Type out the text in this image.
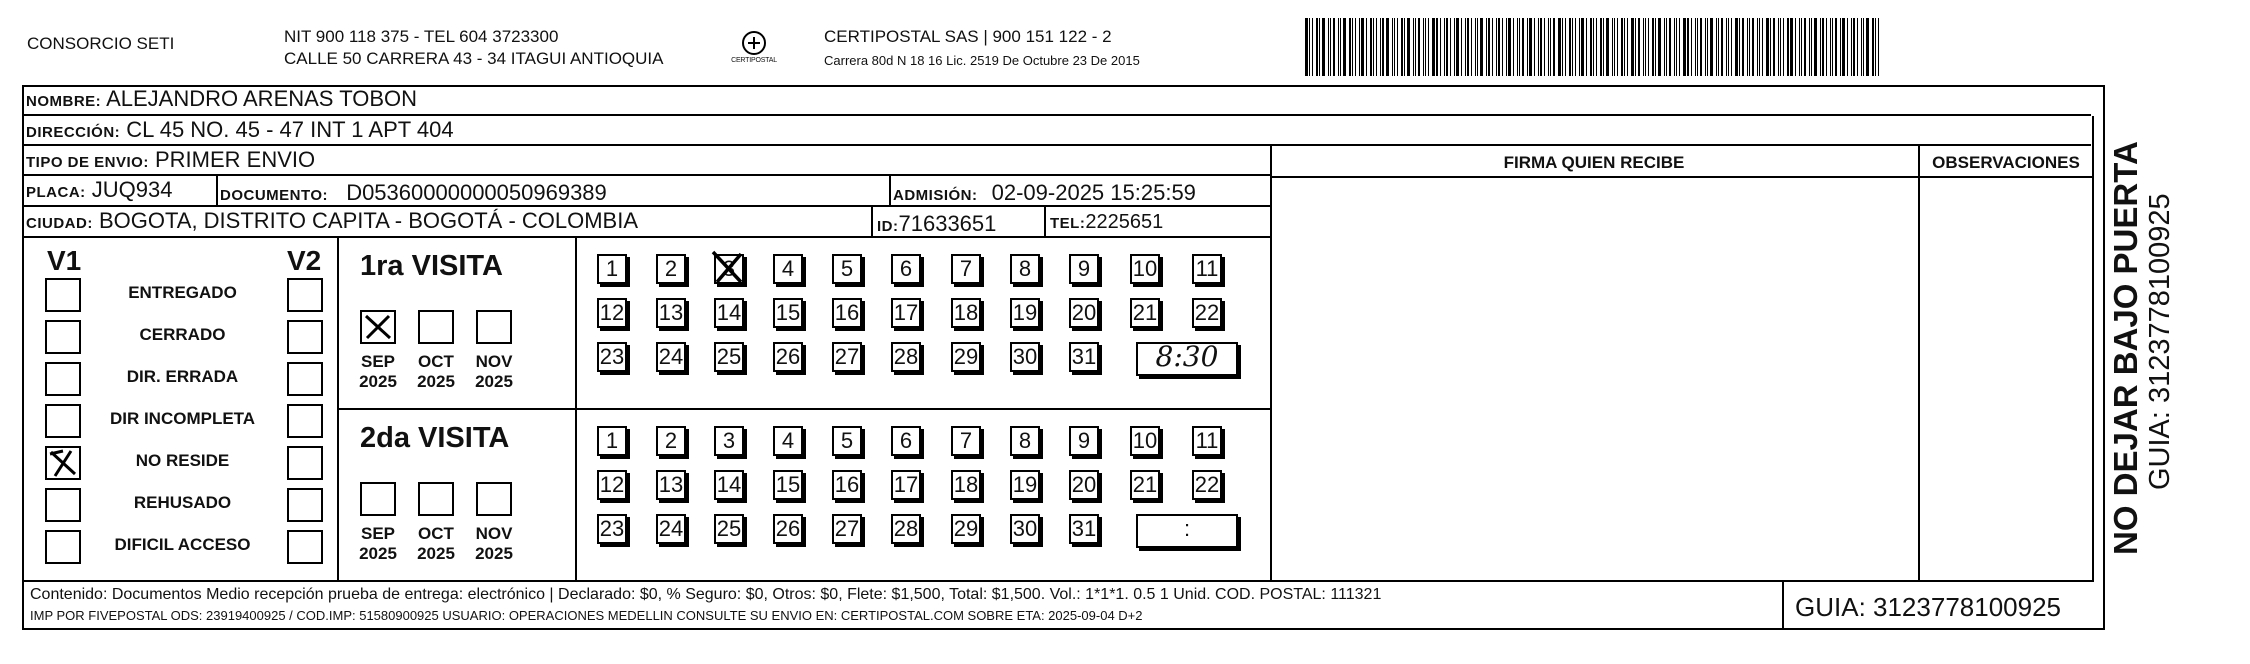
CONSORCIO SETI	NIT 900 118 375 - TEL 604 3723300
CALLE 50 CARRERA 43 - 34 ITAGUI ANTIOQUIA	CERTIPOSTAL
CERTIPOSTAL SAS | 900 151 122 - 2
Carrera 80d N 18 16 Lic. 2519 De Octubre 23 De 2015
NOMBRE: ALEJANDRO ARENAS TOBON
DIRECCIÓN: CL 45 NO. 45 - 47 INT 1 APT 404
TIPO DE ENVIO: PRIMER ENVIO
PLACA: JUQ934	DOCUMENTO: D05360000000050969389	ADMISIÓN: 02-09-2025 15:25:59
CIUDAD: BOGOTA, DISTRITO CAPITA - BOGOTÁ - COLOMBIA	ID:71633651	TEL:2225651
FIRMA QUIEN RECIBE	OBSERVACIONES
V1	V2
ENTREGADO
CERRADO
DIR. ERRADA
DIR INCOMPLETA
NO RESIDE
REHUSADO
DIFICIL ACCESO
1ra VISITA
SEP
2025
OCT
2025
NOV
2025
1	2	3	4	5	6	7	8	9	10 11
12 13 14 15 16 17 18 19 20 21 22
23 24 25 26 27 28 29 30 31	8:30
2da VISITA
SEP
2025
OCT
2025
NOV
2025
1	2	3	4	5	6	7	8	9	10 11
12 13 14 15 16 17 18 19 20 21 22
23 24 25 26 27 28 29 30 31	:
Contenido: Documentos Medio recepción prueba de entrega: electrónico | Declarado: $0, % Seguro: $0, Otros: $0, Flete: $1,500, Total: $1,500. Vol.: 1*1*1. 0.5 1 Unid. COD. POSTAL: 111321
IMP POR FIVEPOSTAL ODS: 23919400925 / COD.IMP: 51580900925 USUARIO: OPERACIONES MEDELLIN CONSULTE SU ENVIO EN: CERTIPOSTAL.COM SOBRE ETA: 2025-09-04 D+2	GUIA: 3123778100925
NO DEJAR BAJO PUERTA GUIA: 3123778100925
